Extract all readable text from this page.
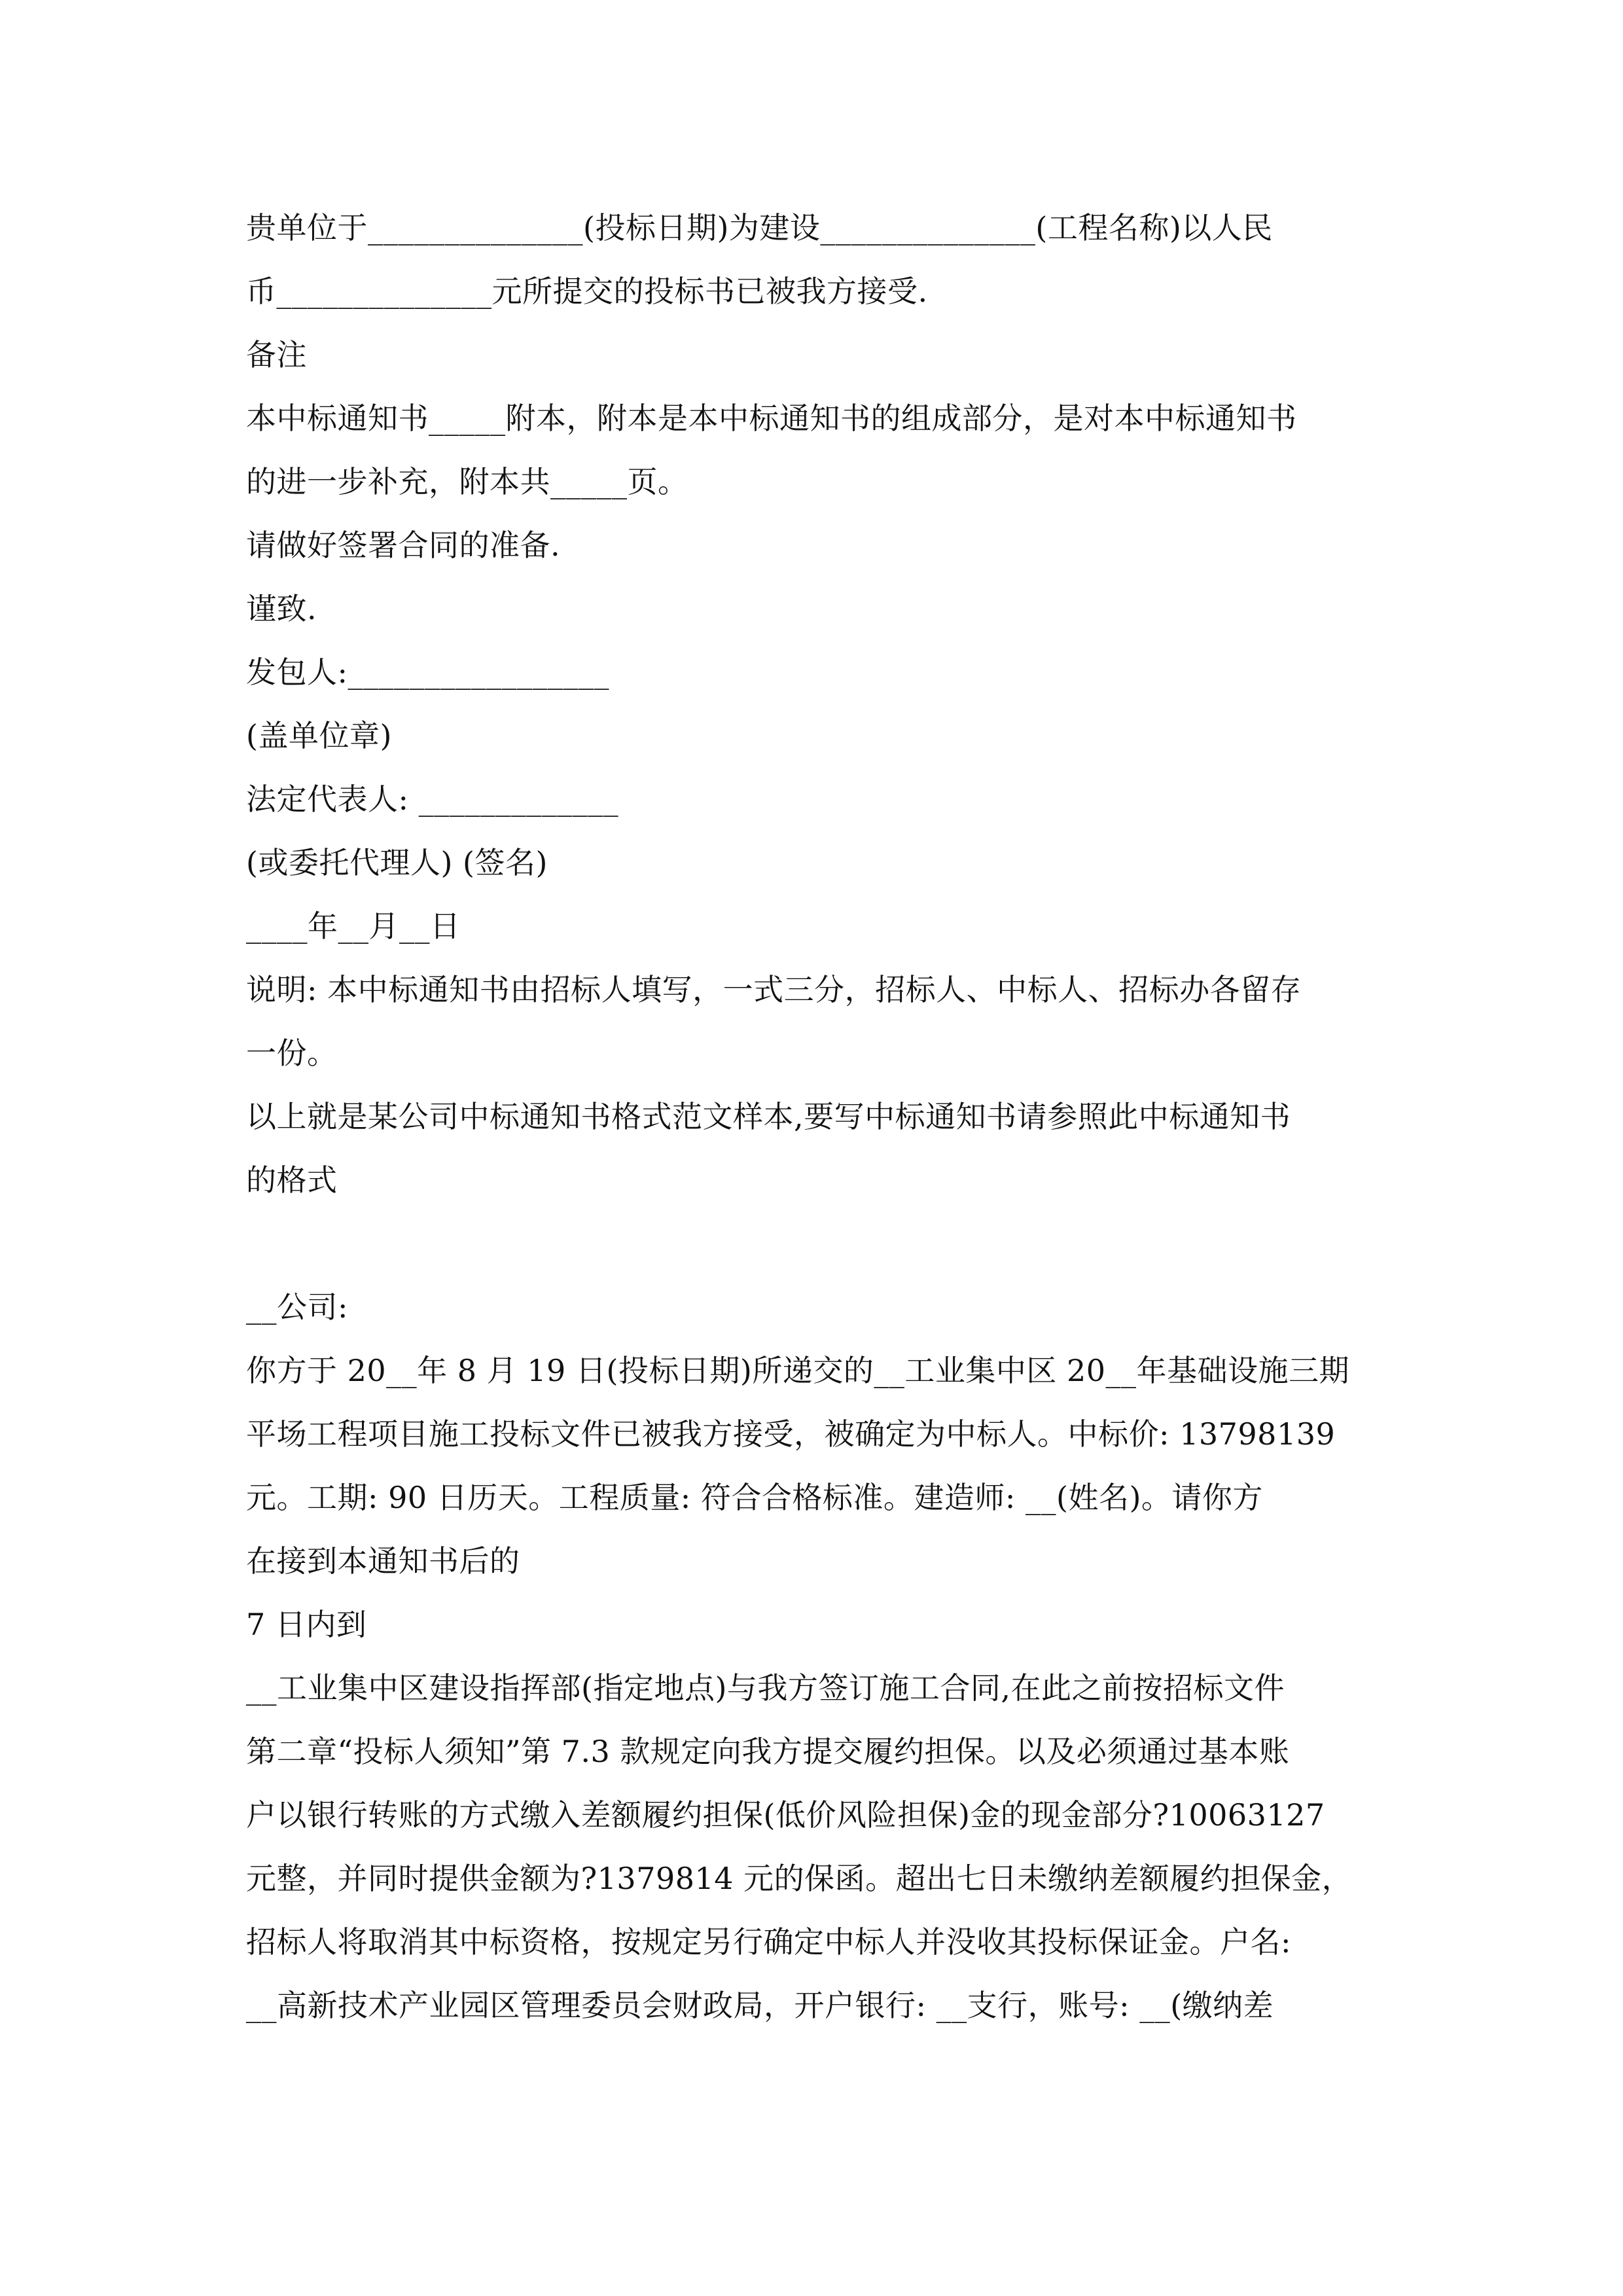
贵单位于______________(投标日期)为建设______________(工程名称)以人民
币______________元所提交的投标书已被我方接受.
备注
本中标通知书_____附本，附本是本中标通知书的组成部分，是对本中标通知书
的进一步补充，附本共_____页。
请做好签署合同的准备.
谨致.
发包人:_________________
(盖单位章)
法定代表人: _____________
(或委托代理人) (签名)
____年__月__日
说明: 本中标通知书由招标人填写，一式三分，招标人、中标人、招标办各留存
一份。
以上就是某公司中标通知书格式范文样本,要写中标通知书请参照此中标通知书
的格式
__公司:
你方于 20__年 8 月 19 日(投标日期)所递交的__工业集中区 20__年基础设施三期
平场工程项目施工投标文件已被我方接受，被确定为中标人。中标价: 13798139
元。工期: 90 日历天。工程质量: 符合合格标准。建造师: __(姓名)。请你方
在接到本通知书后的
7 日内到
__工业集中区建设指挥部(指定地点)与我方签订施工合同,在此之前按招标文件
第二章“投标人须知”第 7.3 款规定向我方提交履约担保。以及必须通过基本账
户以银行转账的方式缴入差额履约担保(低价风险担保)金的现金部分?10063127
元整，并同时提供金额为?1379814 元的保函。超出七日未缴纳差额履约担保金，
招标人将取消其中标资格，按规定另行确定中标人并没收其投标保证金。户名:
__高新技术产业园区管理委员会财政局，开户银行: __支行，账号: __(缴纳差
